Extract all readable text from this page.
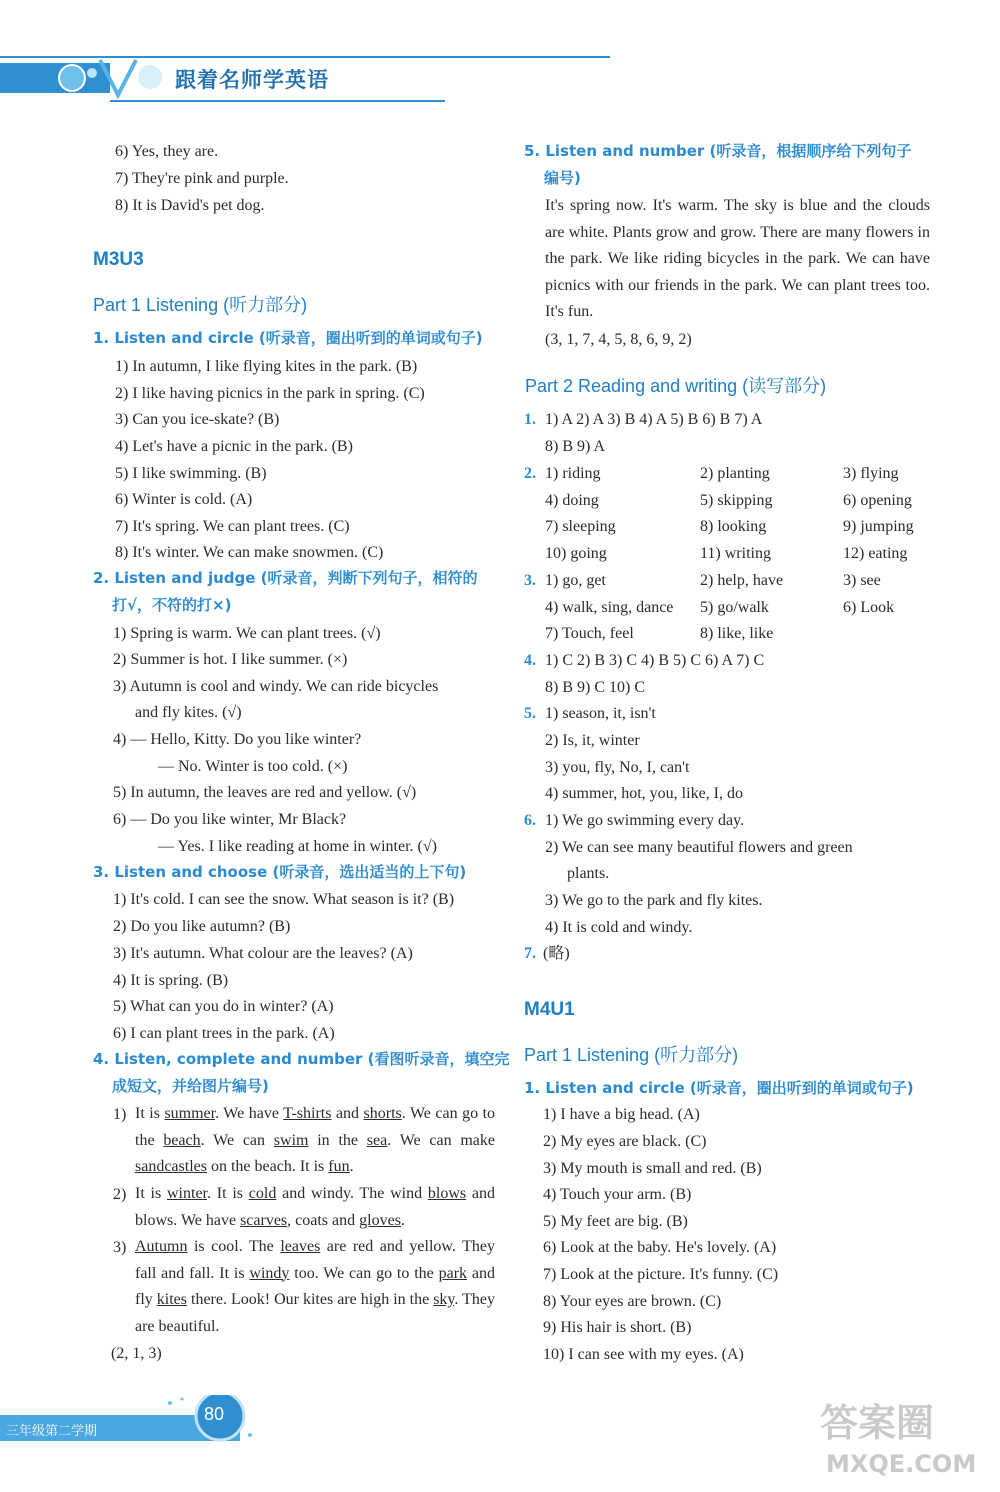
跟着名师学英语
6) Yes, they are.
7) They're pink and purple.
8) It is David's pet dog.
M3U3
Part 1 Listening (听力部分)
1. Listen and circle (听录音，圈出听到的单词或句子)
1) In autumn, I like flying kites in the park. (B)
2) I like having picnics in the park in spring. (C)
3) Can you ice-skate? (B)
4) Let's have a picnic in the park. (B)
5) I like swimming. (B)
6) Winter is cold. (A)
7) It's spring. We can plant trees. (C)
8) It's winter. We can make snowmen. (C)
2. Listen and judge (听录音，判断下列句子，相符的
打√，不符的打×)
1) Spring is warm. We can plant trees. (√)
2) Summer is hot. I like summer. (×)
3) Autumn is cool and windy. We can ride bicycles
and fly kites. (√)
4) — Hello, Kitty. Do you like winter?
— No. Winter is too cold. (×)
5) In autumn, the leaves are red and yellow. (√)
6) — Do you like winter, Mr Black?
— Yes. I like reading at home in winter. (√)
3. Listen and choose (听录音，选出适当的上下句)
1) It's cold. I can see the snow. What season is it? (B)
2) Do you like autumn? (B)
3) It's autumn. What colour are the leaves? (A)
4) It is spring. (B)
5) What can you do in winter? (A)
6) I can plant trees in the park. (A)
4. Listen, complete and number (看图听录音，填空完
成短文，并给图片编号)
1) It is summer. We have T-shirts and shorts. We can go to the beach. We can swim in the sea. We can make sandcastles on the beach. It is fun.
2) It is winter. It is cold and windy. The wind blows and blows. We have scarves, coats and gloves.
3) Autumn is cool. The leaves are red and yellow. They fall and fall. It is windy too. We can go to the park and fly kites there. Look! Our kites are high in the sky. They are beautiful.
(2, 1, 3)
5. Listen and number (听录音，根据顺序给下列句子
编号)
It's spring now. It's warm. The sky is blue and the clouds are white. Plants grow and grow. There are many flowers in the park. We like riding bicycles in the park. We can have picnics with our friends in the park. We can plant trees too. It's fun.
(3, 1, 7, 4, 5, 8, 6, 9, 2)
Part 2 Reading and writing (读写部分)
1. 1) A 2) A 3) B 4) A 5) B 6) B 7) A
8) B 9) A
2. 1) riding	2) planting	3) flying
4) doing	5) skipping	6) opening
7) sleeping	8) looking	9) jumping
10) going	11) writing	12) eating
3. 1) go, get	2) help, have	3) see
4) walk, sing, dance 5) go/walk	6) Look
7) Touch, feel	8) like, like
4. 1) C 2) B 3) C 4) B 5) C 6) A 7) C
8) B 9) C 10) C
5. 1) season, it, isn't
2) Is, it, winter
3) you, fly, No, I, can't
4) summer, hot, you, like, I, do
6. 1) We go swimming every day.
2) We can see many beautiful flowers and green
plants.
3) We go to the park and fly kites.
4) It is cold and windy.
7. (略)
M4U1
Part 1 Listening (听力部分)
1. Listen and circle (听录音，圈出听到的单词或句子)
1) I have a big head. (A)
2) My eyes are black. (C)
3) My mouth is small and red. (B)
4) Touch your arm. (B)
5) My feet are big. (B)
6) Look at the baby. He's lovely. (A)
7) Look at the picture. It's funny. (C)
8) Your eyes are brown. (C)
9) His hair is short. (B)
10) I can see with my eyes. (A)
80
三年级第二学期	答案圈
MXQE.COM
